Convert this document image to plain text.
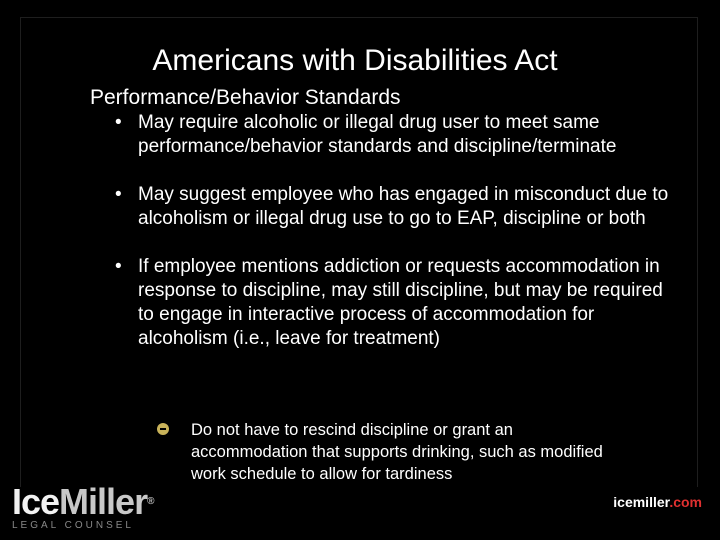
Americans with Disabilities Act
Performance/Behavior Standards
• May require alcoholic or illegal drug user to meet same performance/behavior standards and discipline/terminate
• May suggest employee who has engaged in misconduct due to alcoholism or illegal drug use to go to EAP, discipline or both
• If employee mentions addiction or requests accommodation in response to discipline, may still discipline, but may be required to engage in interactive process of accommodation for alcoholism (i.e., leave for treatment)
Do not have to rescind discipline or grant an accommodation that supports drinking, such as modified work schedule to allow for tardiness
IceMiller®
LEGAL COUNSEL
icemiller.com
